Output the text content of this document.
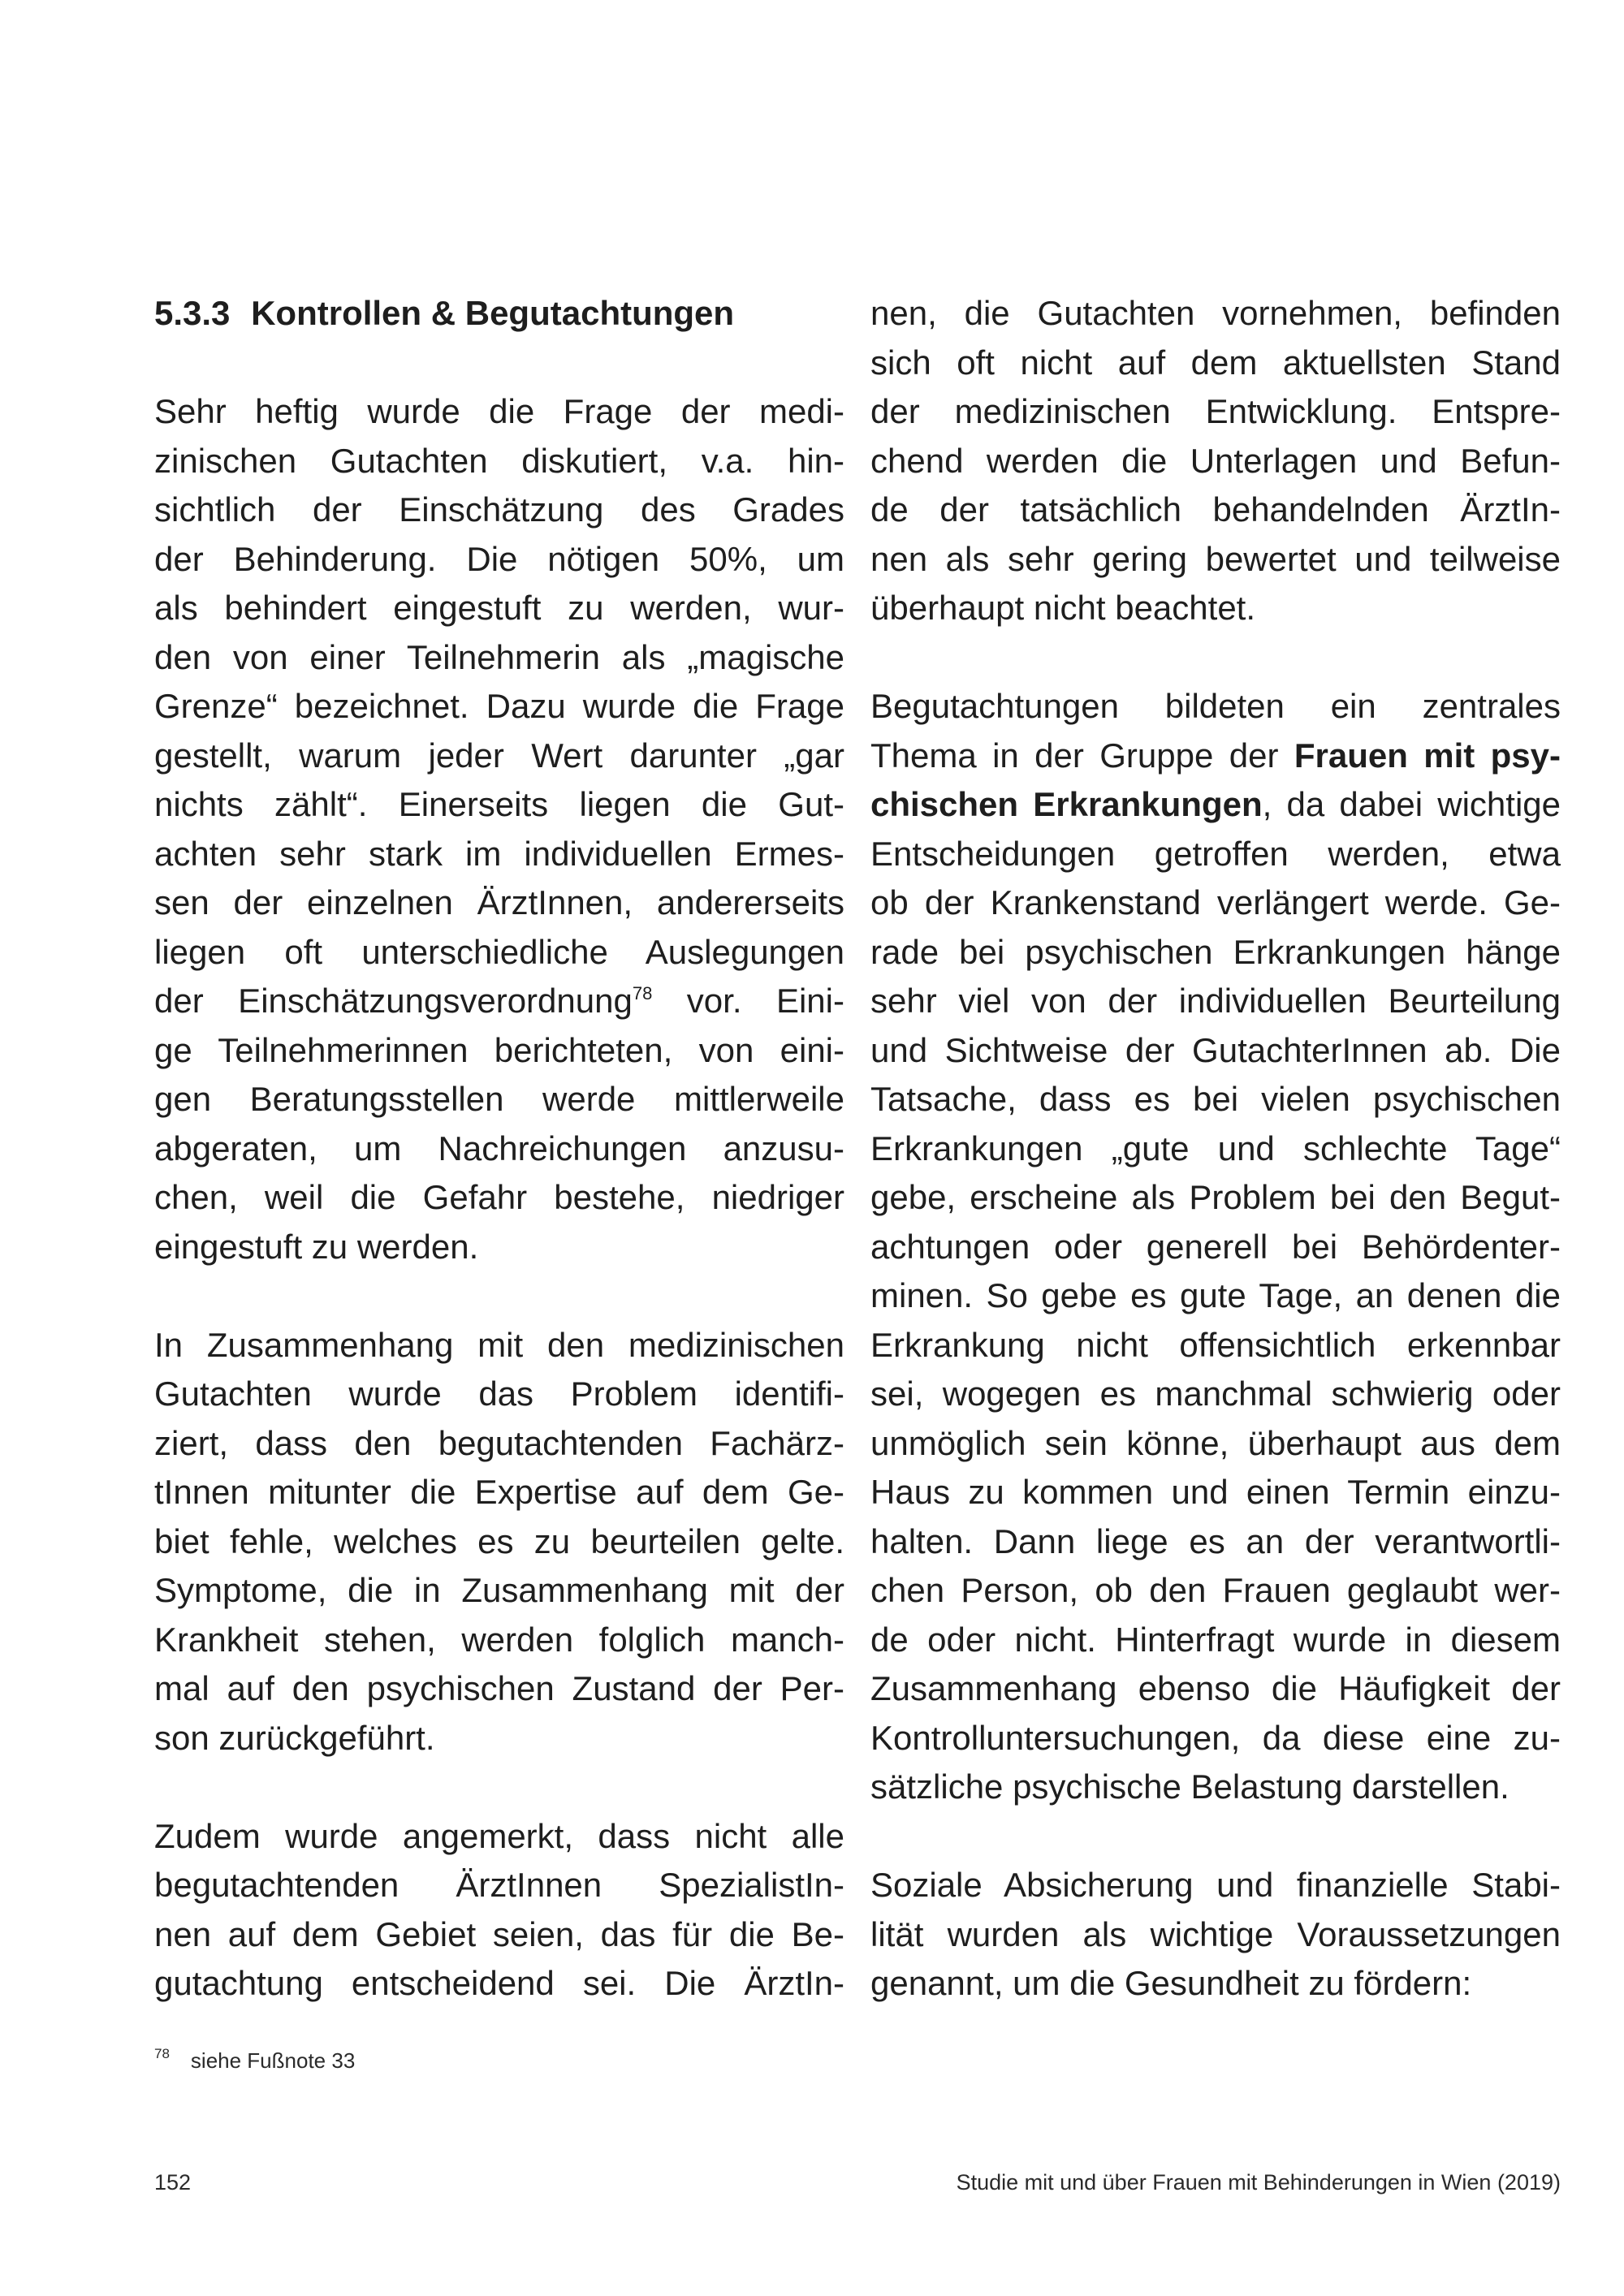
5.3.3 Kontrollen & Begutachtungen
Sehr heftig wurde die Frage der medi-
zinischen Gutachten diskutiert, v.a. hin-
sichtlich der Einschätzung des Grades
der Behinderung. Die nötigen 50%, um
als behindert eingestuft zu werden, wur-
den von einer Teilnehmerin als „magische
Grenze“ bezeichnet. Dazu wurde die Frage
gestellt, warum jeder Wert darunter „gar
nichts zählt“. Einerseits liegen die Gut-
achten sehr stark im individuellen Ermes-
sen der einzelnen ÄrztInnen, andererseits
liegen oft unterschiedliche Auslegungen
der Einschätzungsverordnung$^{78}$ vor. Eini-
ge Teilnehmerinnen berichteten, von eini-
gen Beratungsstellen werde mittlerweile
abgeraten, um Nachreichungen anzusu-
chen, weil die Gefahr bestehe, niedriger
eingestuft zu werden.
In Zusammenhang mit den medizinischen
Gutachten wurde das Problem identifi-
ziert, dass den begutachtenden Fachärz-
tInnen mitunter die Expertise auf dem Ge-
biet fehle, welches es zu beurteilen gelte.
Symptome, die in Zusammenhang mit der
Krankheit stehen, werden folglich manch-
mal auf den psychischen Zustand der Per-
son zurückgeführt.
Zudem wurde angemerkt, dass nicht alle
begutachtenden ÄrztInnen SpezialistIn-
nen auf dem Gebiet seien, das für die Be-
gutachtung entscheidend sei. Die ÄrztIn-
nen, die Gutachten vornehmen, befinden
sich oft nicht auf dem aktuellsten Stand
der medizinischen Entwicklung. Entspre-
chend werden die Unterlagen und Befun-
de der tatsächlich behandelnden ÄrztIn-
nen als sehr gering bewertet und teilweise
überhaupt nicht beachtet.
Begutachtungen bildeten ein zentrales
Thema in der Gruppe der Frauen mit psy-
chischen Erkrankungen, da dabei wichtige
Entscheidungen getroffen werden, etwa
ob der Krankenstand verlängert werde. Ge-
rade bei psychischen Erkrankungen hänge
sehr viel von der individuellen Beurteilung
und Sichtweise der GutachterInnen ab. Die
Tatsache, dass es bei vielen psychischen
Erkrankungen „gute und schlechte Tage“
gebe, erscheine als Problem bei den Begut-
achtungen oder generell bei Behördenter-
minen. So gebe es gute Tage, an denen die
Erkrankung nicht offensichtlich erkennbar
sei, wogegen es manchmal schwierig oder
unmöglich sein könne, überhaupt aus dem
Haus zu kommen und einen Termin einzu-
halten. Dann liege es an der verantwortli-
chen Person, ob den Frauen geglaubt wer-
de oder nicht. Hinterfragt wurde in diesem
Zusammenhang ebenso die Häufigkeit der
Kontrolluntersuchungen, da diese eine zu-
sätzliche psychische Belastung darstellen.
Soziale Absicherung und finanzielle Stabi-
lität wurden als wichtige Voraussetzungen
genannt, um die Gesundheit zu fördern:
$^{78}$ siehe Fußnote 33
152	Studie mit und über Frauen mit Behinderungen in Wien (2019)
